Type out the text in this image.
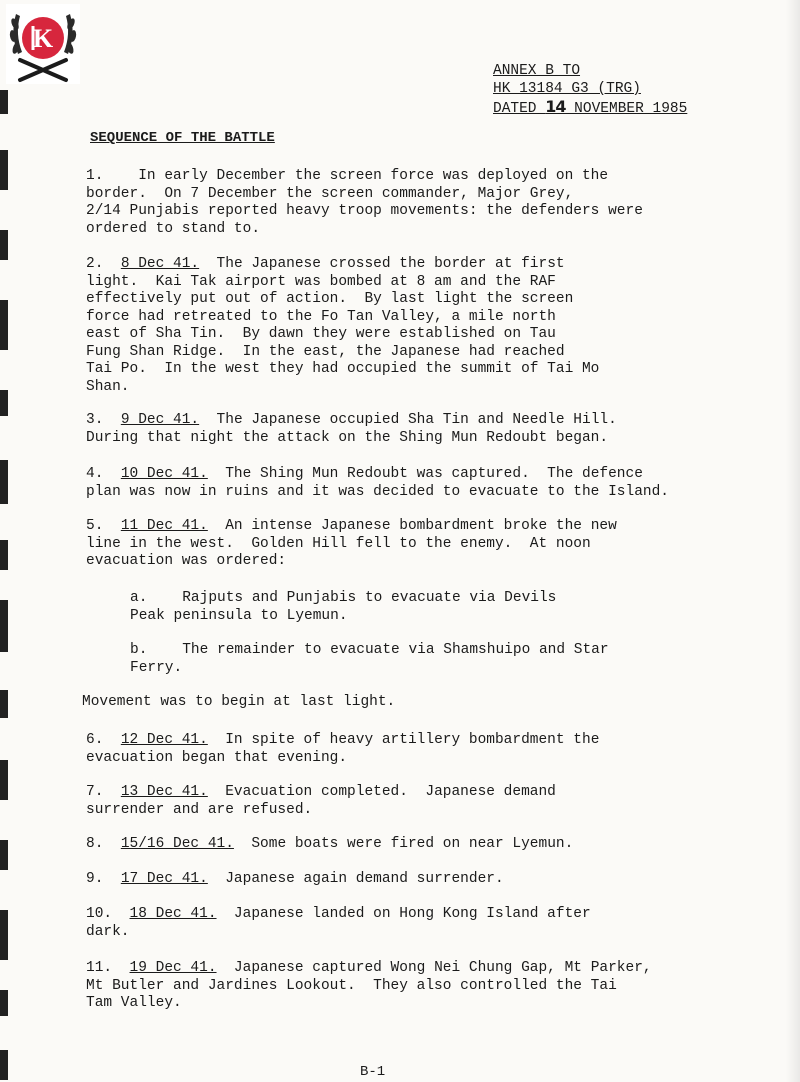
K
ANNEX B TO
HK 13184 G3 (TRG)
DATED 14 NOVEMBER 1985
SEQUENCE OF THE BATTLE
1.    In early December the screen force was deployed on the
border.  On 7 December the screen commander, Major Grey,
2/14 Punjabis reported heavy troop movements: the defenders were
ordered to stand to.
2.  8 Dec 41.  The Japanese crossed the border at first
light.  Kai Tak airport was bombed at 8 am and the RAF
effectively put out of action.  By last light the screen
force had retreated to the Fo Tan Valley, a mile north
east of Sha Tin.  By dawn they were established on Tau
Fung Shan Ridge.  In the east, the Japanese had reached
Tai Po.  In the west they had occupied the summit of Tai Mo
Shan.
3.  9 Dec 41.  The Japanese occupied Sha Tin and Needle Hill.
During that night the attack on the Shing Mun Redoubt began.
4.  10 Dec 41.  The Shing Mun Redoubt was captured.  The defence
plan was now in ruins and it was decided to evacuate to the Island.
5.  11 Dec 41.  An intense Japanese bombardment broke the new
line in the west.  Golden Hill fell to the enemy.  At noon
evacuation was ordered:
6.  12 Dec 41.  In spite of heavy artillery bombardment the
evacuation began that evening.
7.  13 Dec 41.  Evacuation completed.  Japanese demand
surrender and are refused.
8.  15/16 Dec 41.  Some boats were fired on near Lyemun.
9.  17 Dec 41.  Japanese again demand surrender.
10.  18 Dec 41.  Japanese landed on Hong Kong Island after
dark.
11.  19 Dec 41.  Japanese captured Wong Nei Chung Gap, Mt Parker,
Mt Butler and Jardines Lookout.  They also controlled the Tai
Tam Valley.
a.    Rajputs and Punjabis to evacuate via Devils
Peak peninsula to Lyemun.
b.    The remainder to evacuate via Shamshuipo and Star
Ferry.
Movement was to begin at last light.
B-1
